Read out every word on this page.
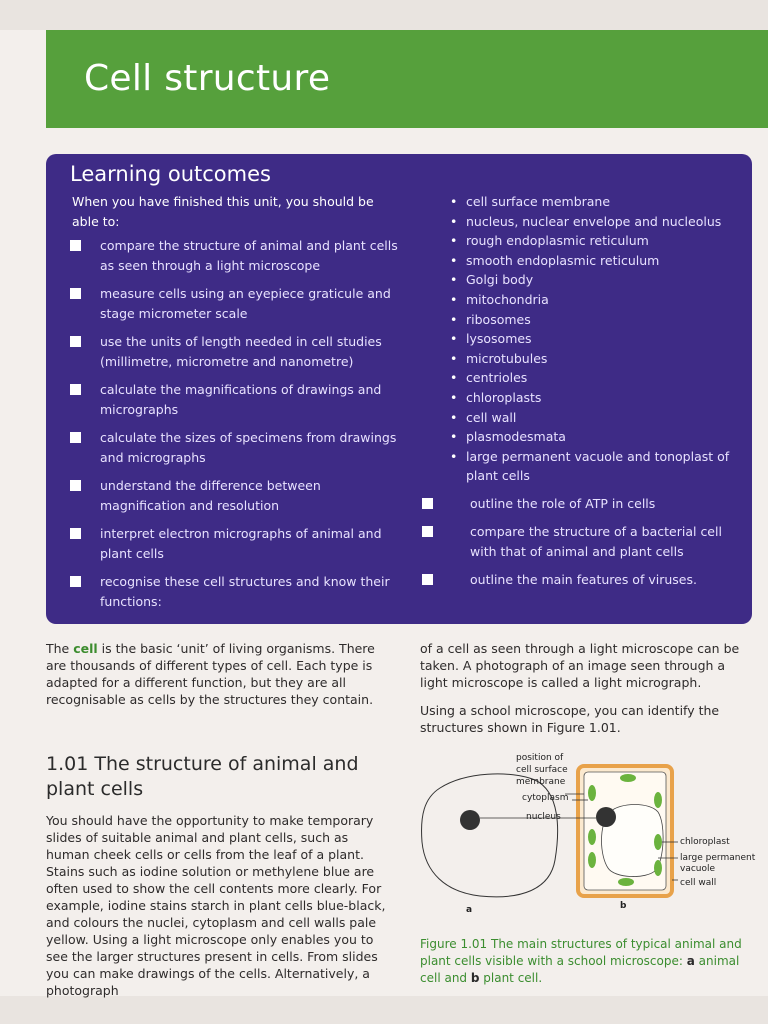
Cell structure
Learning outcomes
When you have finished this unit, you should be able to:
compare the structure of animal and plant cells as seen through a light microscope
measure cells using an eyepiece graticule and stage micrometer scale
use the units of length needed in cell studies (millimetre, micrometre and nanometre)
calculate the magnifications of drawings and micrographs
calculate the sizes of specimens from drawings and micrographs
understand the difference between magnification and resolution
interpret electron micrographs of animal and plant cells
recognise these cell structures and know their functions:
• cell surface membrane
• nucleus, nuclear envelope and nucleolus
• rough endoplasmic reticulum
• smooth endoplasmic reticulum
• Golgi body
• mitochondria
• ribosomes
• lysosomes
• microtubules
• centrioles
• chloroplasts
• cell wall
• plasmodesmata
• large permanent vacuole and tonoplast of plant cells
outline the role of ATP in cells
compare the structure of a bacterial cell with that of animal and plant cells
outline the main features of viruses.

The cell is the basic ‘unit’ of living organisms. There are thousands of different types of cell. Each type is adapted for a different function, but they are all recognisable as cells by the structures they contain.

1.01 The structure of animal and plant cells

You should have the opportunity to make temporary slides of suitable animal and plant cells, such as human cheek cells or cells from the leaf of a plant. Stains such as iodine solution or methylene blue are often used to show the cell contents more clearly. For example, iodine stains starch in plant cells blue-black, and colours the nuclei, cytoplasm and cell walls pale yellow. Using a light microscope only enables you to see the larger structures present in cells. From slides you can make drawings of the cells. Alternatively, a photograph

of a cell as seen through a light microscope can be taken. A photograph of an image seen through a light microscope is called a light micrograph.

Using a school microscope, you can identify the structures shown in Figure 1.01.

position of
cell surface
membrane
cytoplasm
nucleus
chloroplast
large permanent
vacuole
cell wall
a	b

Figure 1.01 The main structures of typical animal and plant cells visible with a school microscope: a animal cell and b plant cell.
